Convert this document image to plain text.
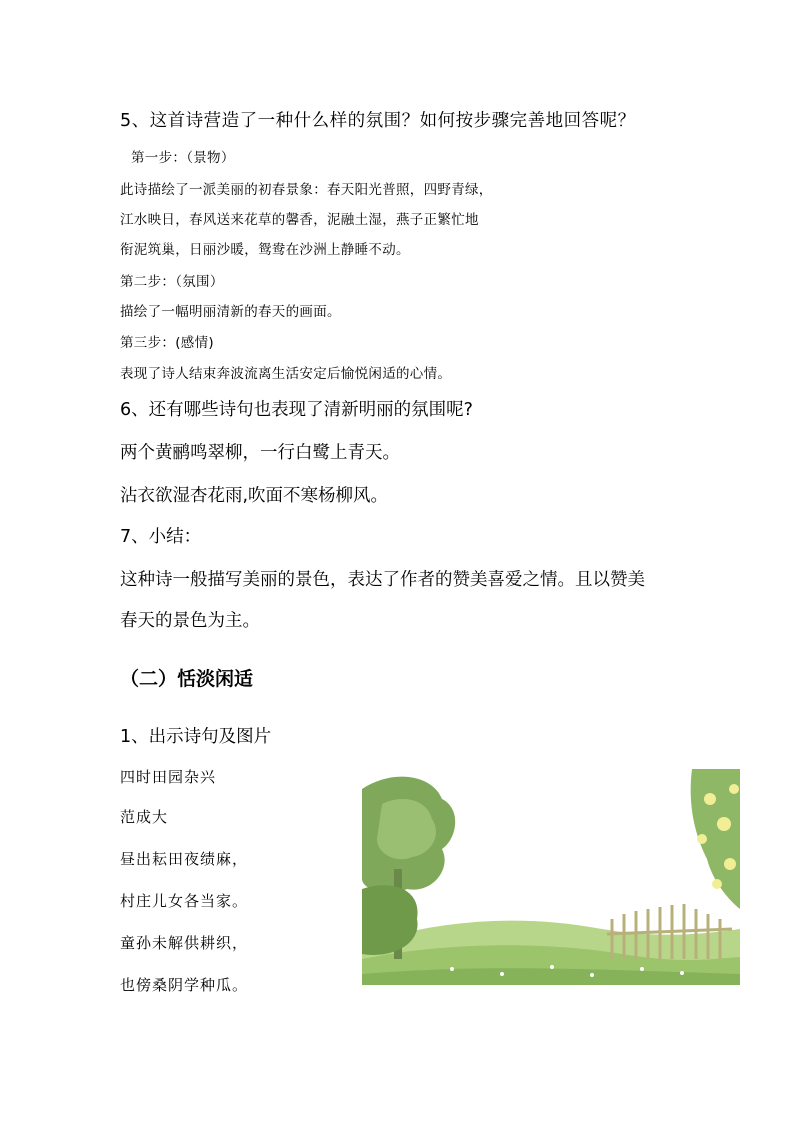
5、这首诗营造了一种什么样的氛围？如何按步骤完善地回答呢？
第一步：（景物）
此诗描绘了一派美丽的初春景象：春天阳光普照，四野青绿，
江水映日，春风送来花草的馨香，泥融土湿，燕子正繁忙地
衔泥筑巢，日丽沙暖，鸳鸯在沙洲上静睡不动。
第二步：（氛围）
描绘了一幅明丽清新的春天的画面。
第三步：(感情)
表现了诗人结束奔波流离生活安定后愉悦闲适的心情。
6、还有哪些诗句也表现了清新明丽的氛围呢?
两个黄鹂鸣翠柳，一行白鹭上青天。
沾衣欲湿杏花雨,吹面不寒杨柳风。
7、小结：
这种诗一般描写美丽的景色，表达了作者的赞美喜爱之情。且以赞美
春天的景色为主。
（二）恬淡闲适
1、出示诗句及图片
四时田园杂兴
范成大
昼出耘田夜绩麻，
村庄儿女各当家。
童孙未解供耕织，
也傍桑阴学种瓜。
